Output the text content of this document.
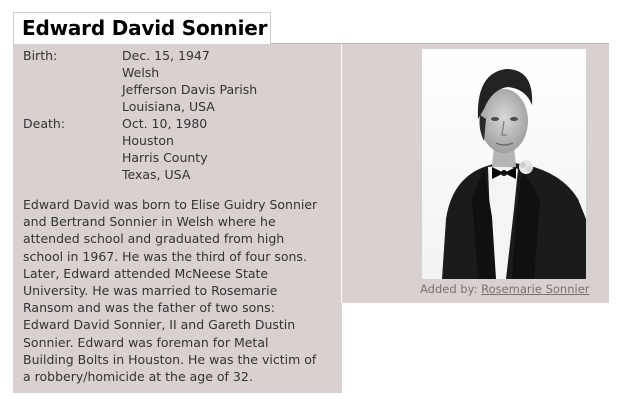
Edward David Sonnier
Birth:	Dec. 15, 1947
Welsh
Jefferson Davis Parish
Louisiana, USA
Death:	Oct. 10, 1980
Houston
Harris County
Texas, USA
Edward David was born to Elise Guidry Sonnier
and Bertrand Sonnier in Welsh where he
attended school and graduated from high
school in 1967. He was the third of four sons.
Later, Edward attended McNeese State
University. He was married to Rosemarie
Ransom and was the father of two sons:
Edward David Sonnier, II and Gareth Dustin
Sonnier. Edward was foreman for Metal
Building Bolts in Houston. He was the victim of
a robbery/homicide at the age of 32.
Added by: Rosemarie Sonnier
